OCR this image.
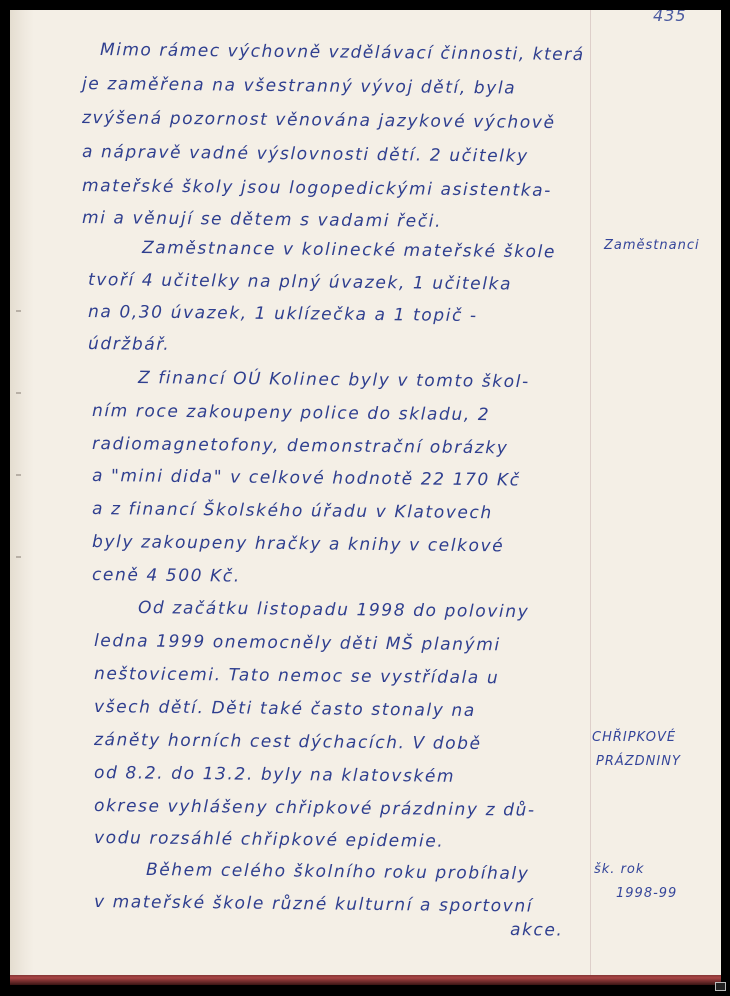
435
Mimo rámec výchovně vzdělávací činnosti, která
je zaměřena na všestranný vývoj dětí, byla
zvýšená pozornost věnována jazykové výchově
a nápravě vadné výslovnosti dětí. 2 učitelky
mateřské školy jsou logopedickými asistentka-
mi a věnují se dětem s vadami řeči.
Zaměstnance v kolinecké mateřské škole
tvoří 4 učitelky na plný úvazek, 1 učitelka
na 0,30 úvazek, 1 uklízečka a 1 topič -
údržbář.
Z financí OÚ Kolinec byly v tomto škol-
ním roce zakoupeny police do skladu, 2
radiomagnetofony, demonstrační obrázky
a "mini dida" v celkové hodnotě 22 170 Kč
a z financí Školského úřadu v Klatovech
byly zakoupeny hračky a knihy v celkové
ceně 4 500 Kč.
Od začátku listopadu 1998 do poloviny
ledna 1999 onemocněly děti MŠ planými
neštovicemi. Tato nemoc se vystřídala u
všech dětí. Děti také často stonaly na
záněty horních cest dýchacích. V době
od 8.2. do 13.2. byly na klatovském
okrese vyhlášeny chřipkové prázdniny z dů-
vodu rozsáhlé chřipkové epidemie.
Během celého školního roku probíhaly
v mateřské škole různé kulturní a sportovní
akce.
Zaměstnanci
CHŘIPKOVÉ
PRÁZDNINY
šk. rok
1998-99
